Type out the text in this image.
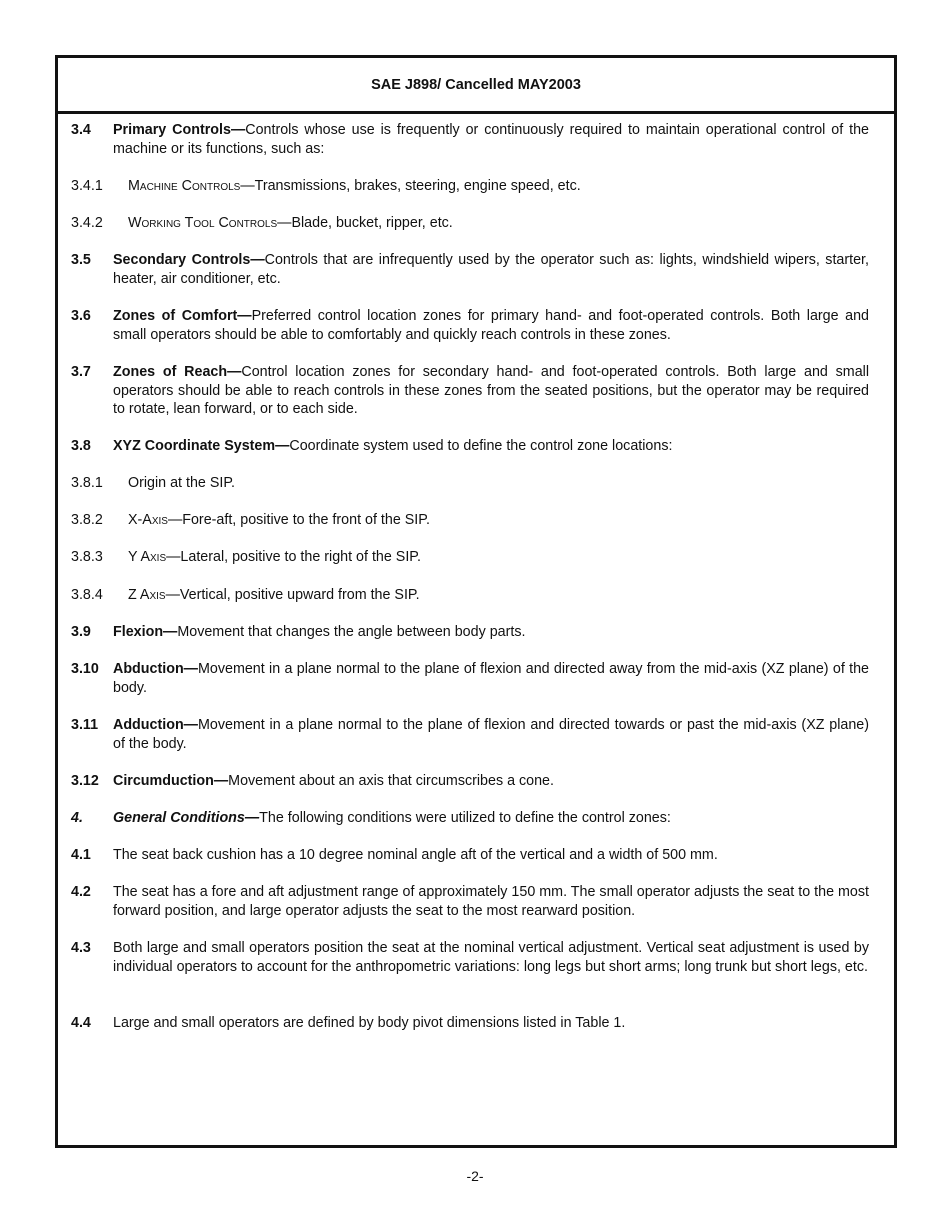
SAE J898/ Cancelled MAY2003
3.4 Primary Controls—Controls whose use is frequently or continuously required to maintain operational control of the machine or its functions, such as:
3.4.1 Machine Controls—Transmissions, brakes, steering, engine speed, etc.
3.4.2 Working Tool Controls—Blade, bucket, ripper, etc.
3.5 Secondary Controls—Controls that are infrequently used by the operator such as: lights, windshield wipers, starter, heater, air conditioner, etc.
3.6 Zones of Comfort—Preferred control location zones for primary hand- and foot-operated controls. Both large and small operators should be able to comfortably and quickly reach controls in these zones.
3.7 Zones of Reach—Control location zones for secondary hand- and foot-operated controls. Both large and small operators should be able to reach controls in these zones from the seated positions, but the operator may be required to rotate, lean forward, or to each side.
3.8 XYZ Coordinate System—Coordinate system used to define the control zone locations:
3.8.1 Origin at the SIP.
3.8.2 X-Axis—Fore-aft, positive to the front of the SIP.
3.8.3 Y Axis—Lateral, positive to the right of the SIP.
3.8.4 Z Axis—Vertical, positive upward from the SIP.
3.9 Flexion—Movement that changes the angle between body parts.
3.10 Abduction—Movement in a plane normal to the plane of flexion and directed away from the mid-axis (XZ plane) of the body.
3.11 Adduction—Movement in a plane normal to the plane of flexion and directed towards or past the mid-axis (XZ plane) of the body.
3.12 Circumduction—Movement about an axis that circumscribes a cone.
4. General Conditions—The following conditions were utilized to define the control zones:
4.1 The seat back cushion has a 10 degree nominal angle aft of the vertical and a width of 500 mm.
4.2 The seat has a fore and aft adjustment range of approximately 150 mm. The small operator adjusts the seat to the most forward position, and large operator adjusts the seat to the most rearward position.
4.3 Both large and small operators position the seat at the nominal vertical adjustment. Vertical seat adjustment is used by individual operators to account for the anthropometric variations: long legs but short arms; long trunk but short legs, etc.
4.4 Large and small operators are defined by body pivot dimensions listed in Table 1.
-2-
